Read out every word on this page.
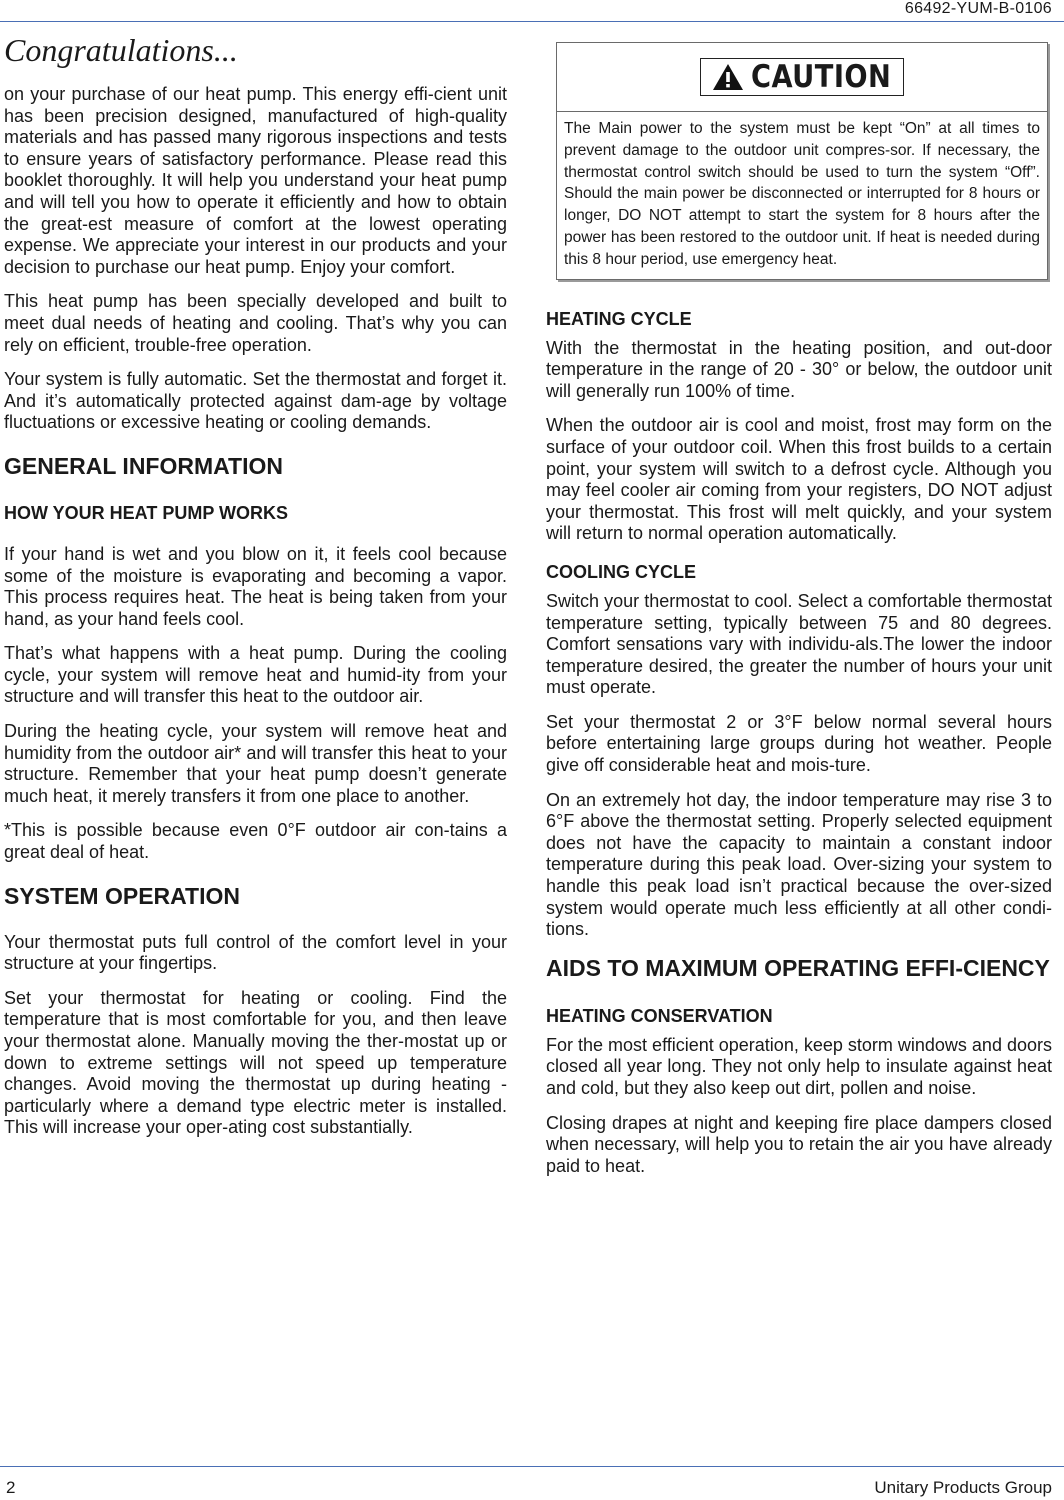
66492-YUM-B-0106
Congratulations...

on your purchase of our heat pump. This energy effi-cient unit has been precision designed, manufactured of high-quality materials and has passed many rigorous inspections and tests to ensure years of satisfactory performance. Please read this booklet thoroughly. It will help you understand your heat pump and will tell you how to operate it efficiently and how to obtain the great-est measure of comfort at the lowest operating expense. We appreciate your interest in our products and your decision to purchase our heat pump. Enjoy your comfort.

This heat pump has been specially developed and built to meet dual needs of heating and cooling. That’s why you can rely on efficient, trouble-free operation.

Your system is fully automatic. Set the thermostat and forget it. And it’s automatically protected against dam-age by voltage fluctuations or excessive heating or cooling demands.

GENERAL INFORMATION
HOW YOUR HEAT PUMP WORKS

If your hand is wet and you blow on it, it feels cool because some of the moisture is evaporating and becoming a vapor. This process requires heat. The heat is being taken from your hand, as your hand feels cool.

That’s what happens with a heat pump. During the cooling cycle, your system will remove heat and humid-ity from your structure and will transfer this heat to the outdoor air.

During the heating cycle, your system will remove heat and humidity from the outdoor air* and will transfer this heat to your structure. Remember that your heat pump doesn’t generate much heat, it merely transfers it from one place to another.

*This is possible because even 0°F outdoor air con-tains a great deal of heat.

SYSTEM OPERATION

Your thermostat puts full control of the comfort level in your structure at your fingertips.

Set your thermostat for heating or cooling. Find the temperature that is most comfortable for you, and then leave your thermostat alone. Manually moving the ther-mostat up or down to extreme settings will not speed up temperature changes. Avoid moving the thermostat up during heating - particularly where a demand type electric meter is installed. This will increase your oper-ating cost substantially.

CAUTION
The Main power to the system must be kept “On” at all times to prevent damage to the outdoor unit compres-sor. If necessary, the thermostat control switch should be used to turn the system “Off”. Should the main power be disconnected or interrupted for 8 hours or longer, DO NOT attempt to start the system for 8 hours after the power has been restored to the outdoor unit. If heat is needed during this 8 hour period, use emergency heat.
HEATING CYCLE

With the thermostat in the heating position, and out-door temperature in the range of 20 - 30° or below, the outdoor unit will generally run 100% of time.

When the outdoor air is cool and moist, frost may form on the surface of your outdoor coil. When this frost builds to a certain point, your system will switch to a defrost cycle. Although you may feel cooler air coming from your registers, DO NOT adjust your thermostat. This frost will melt quickly, and your system will return to normal operation automatically.

COOLING CYCLE

Switch your thermostat to cool. Select a comfortable thermostat temperature setting, typically between 75 and 80 degrees. Comfort sensations vary with individu-als.The lower the indoor temperature desired, the greater the number of hours your unit must operate.

Set your thermostat 2 or 3°F below normal several hours before entertaining large groups during hot weather. People give off considerable heat and mois-ture.

On an extremely hot day, the indoor temperature may rise 3 to 6°F above the thermostat setting. Properly selected equipment does not have the capacity to maintain a constant indoor temperature during this peak load. Over-sizing your system to handle this peak load isn’t practical because the over-sized system would operate much less efficiently at all other condi-tions.

AIDS TO MAXIMUM OPERATING EFFI-CIENCY
HEATING CONSERVATION

For the most efficient operation, keep storm windows and doors closed all year long. They not only help to insulate against heat and cold, but they also keep out dirt, pollen and noise.

Closing drapes at night and keeping fire place dampers closed when necessary, will help you to retain the air you have already paid to heat.

2	Unitary Products Group
